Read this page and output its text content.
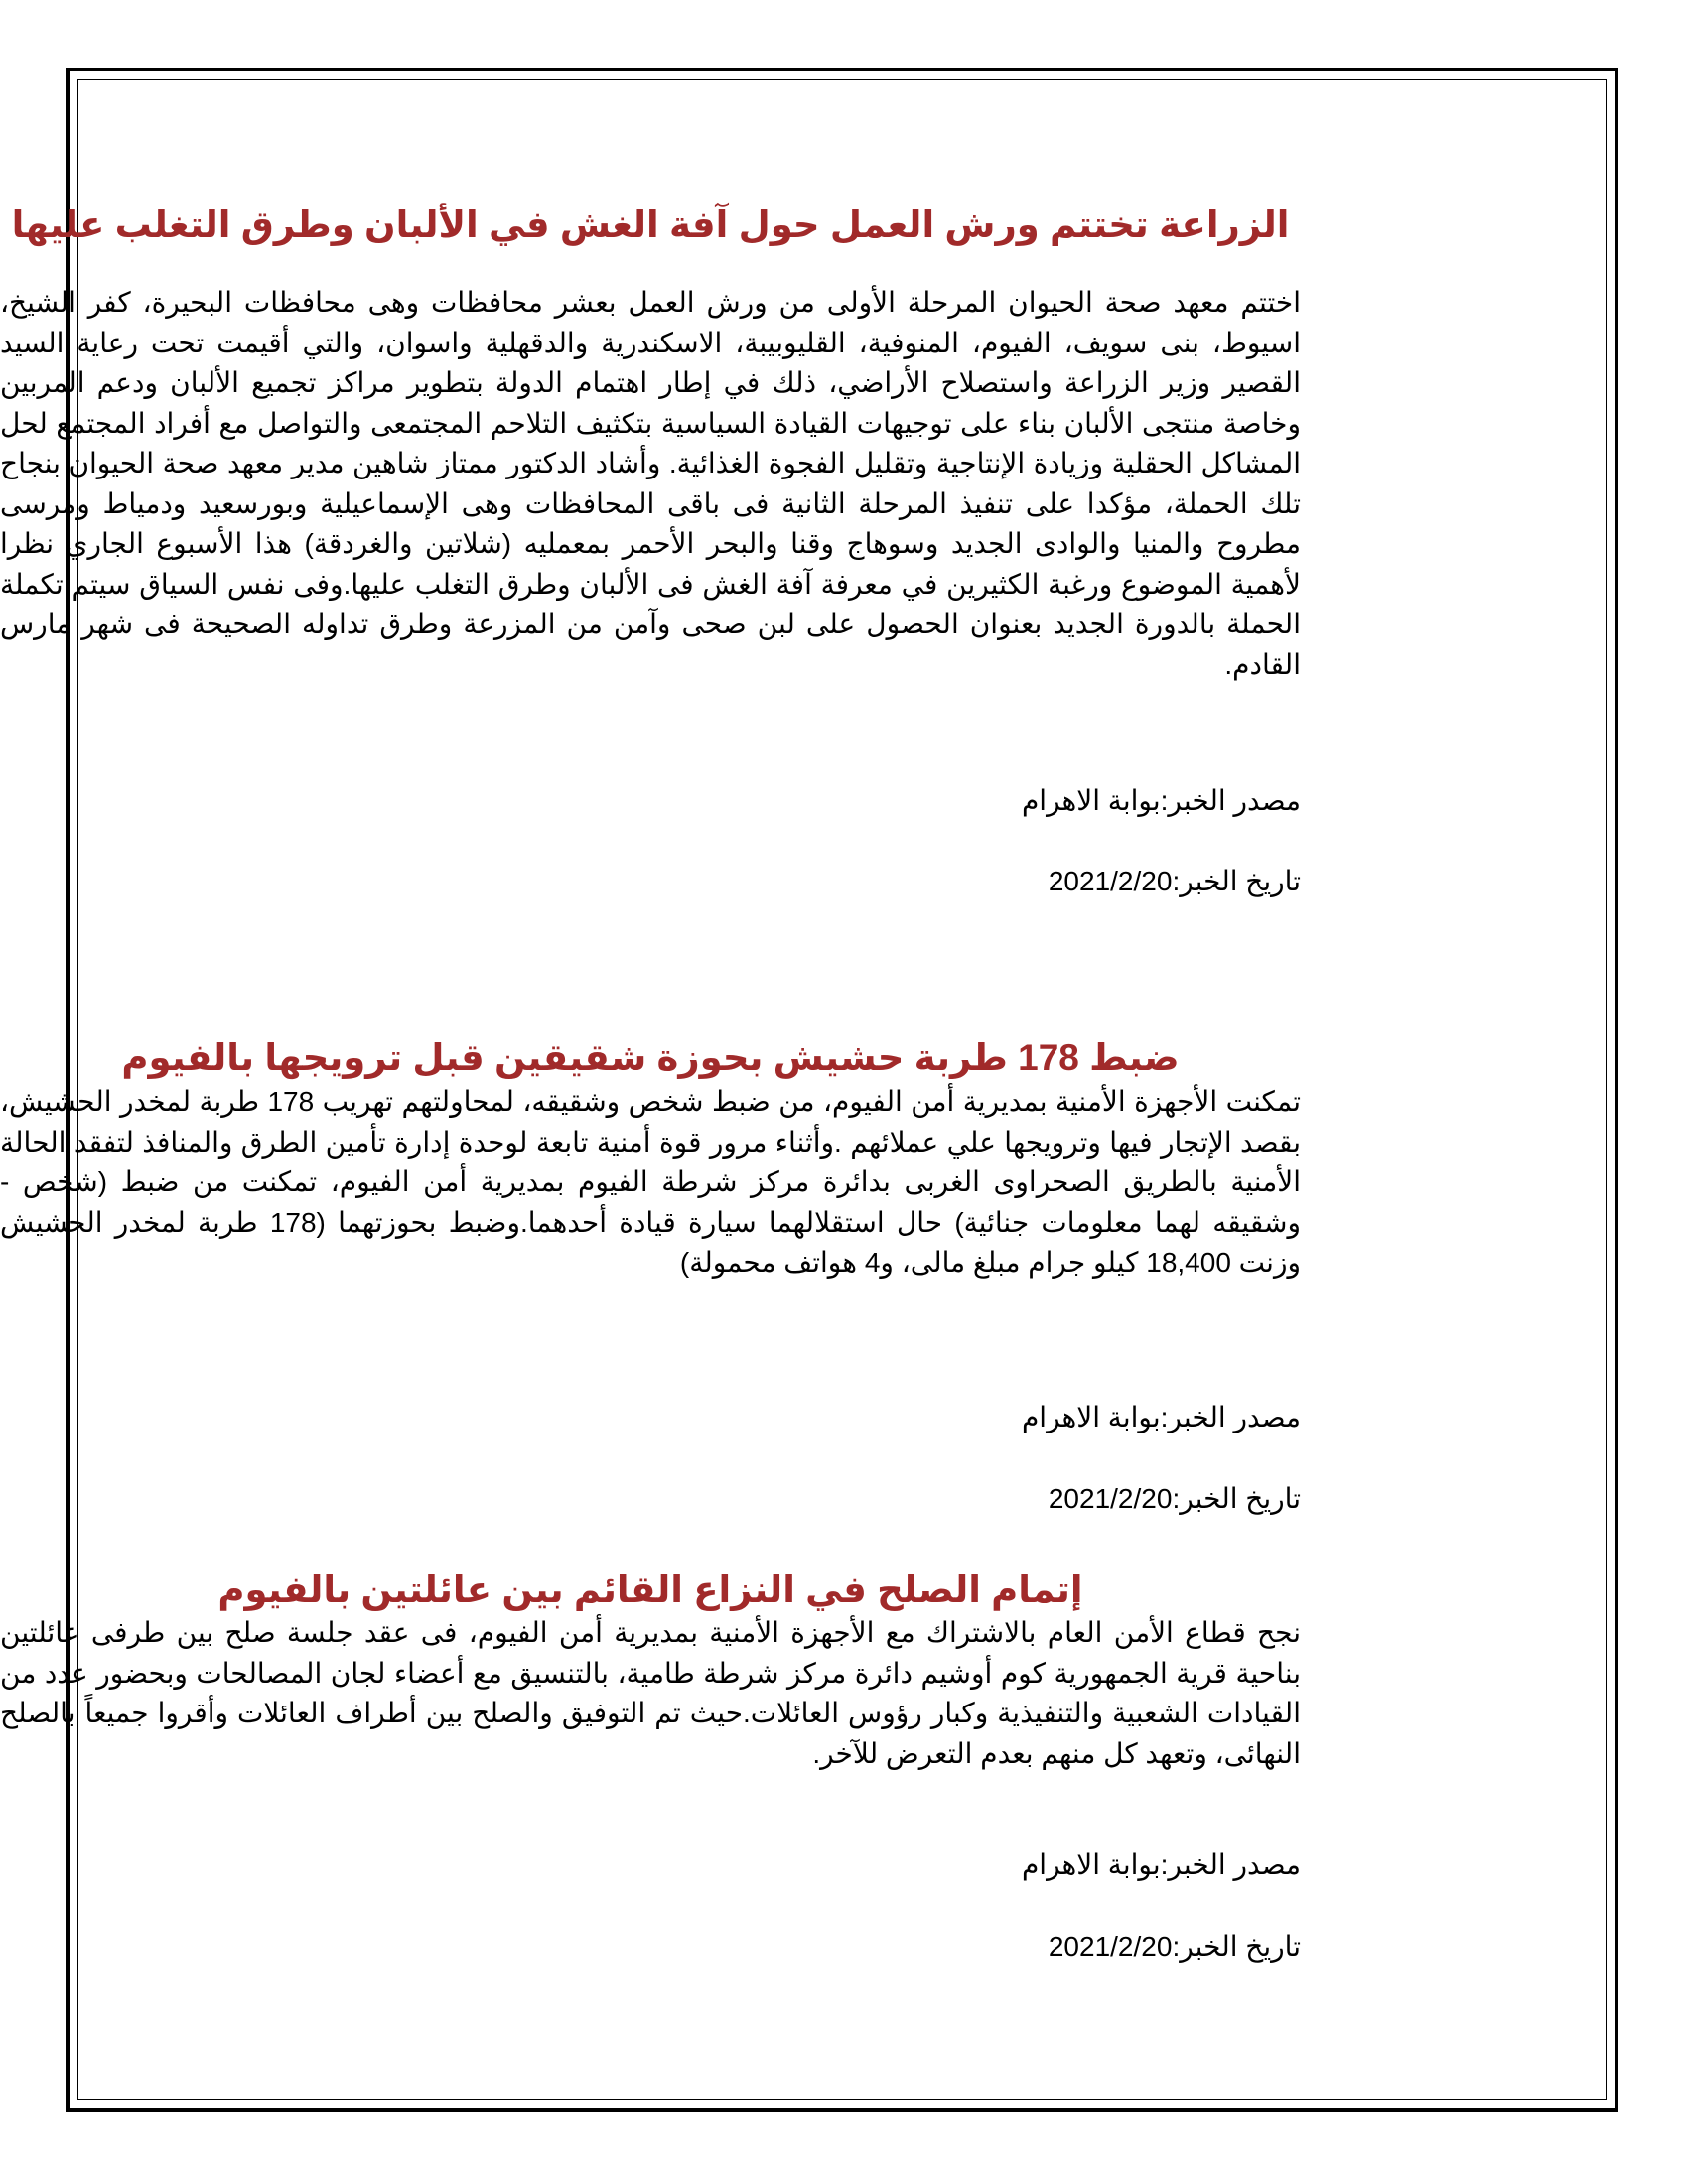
الزراعة تختتم ورش العمل حول آفة الغش في الألبان وطرق التغلب عليها

اختتم معهد صحة الحيوان المرحلة الأولى من ورش العمل بعشر محافظات وهى محافظات البحيرة، كفر الشيخ، اسيوط، بنى سويف، الفيوم، المنوفية، القليوبيبة، الاسكندرية والدقهلية واسوان، والتي أقيمت تحت رعاية السيد القصير وزير الزراعة واستصلاح الأراضي، ذلك في إطار اهتمام الدولة بتطوير مراكز تجميع الألبان ودعم المربين وخاصة منتجى الألبان بناء على توجيهات القيادة السياسية بتكثيف التلاحم المجتمعى والتواصل مع أفراد المجتمع لحل المشاكل الحقلية وزيادة الإنتاجية وتقليل الفجوة الغذائية. وأشاد الدكتور ممتاز شاهين مدير معهد صحة الحيوان بنجاح تلك الحملة، مؤكدا على تنفيذ المرحلة الثانية فى باقى المحافظات وهى الإسماعيلية وبورسعيد ودمياط ومرسى مطروح والمنيا والوادى الجديد وسوهاج وقنا والبحر الأحمر بمعمليه (شلاتين والغردقة) هذا الأسبوع الجاري نظرا لأهمية الموضوع ورغبة الكثيرين في معرفة آفة الغش فى الألبان وطرق التغلب عليها.وفى نفس السياق سيتم تكملة الحملة بالدورة الجديد بعنوان الحصول على لبن صحى وآمن من المزرعة وطرق تداوله الصحيحة فى شهر مارس القادم.

مصدر الخبر:بوابة الاهرام

تاريخ الخبر:2021/2/20

ضبط 178 طربة حشيش بحوزة شقيقين قبل ترويجها بالفيوم

تمكنت الأجهزة الأمنية بمديرية أمن الفيوم، من ضبط شخص وشقيقه، لمحاولتهم تهريب 178 طربة لمخدر الحشيش، بقصد الإتجار فيها وترويجها علي عملائهم .وأثناء مرور قوة أمنية تابعة لوحدة إدارة تأمين الطرق والمنافذ لتفقد الحالة الأمنية بالطريق الصحراوى الغربى بدائرة مركز شرطة الفيوم بمديرية أمن الفيوم، تمكنت من ضبط (شخص - وشقيقه لهما معلومات جنائية) حال استقلالهما سيارة قيادة أحدهما.وضبط بحوزتهما (178 طربة لمخدر الحشيش وزنت 18,400 كيلو جرام مبلغ مالى، و4 هواتف محمولة)

مصدر الخبر:بوابة الاهرام

تاريخ الخبر:2021/2/20

إتمام الصلح في النزاع القائم بين عائلتين بالفيوم

نجح قطاع الأمن العام بالاشتراك مع الأجهزة الأمنية بمديرية أمن الفيوم، فى عقد جلسة صلح بين طرفى عائلتين بناحية قرية الجمهورية كوم أوشيم دائرة مركز شرطة طامية، بالتنسيق مع أعضاء لجان المصالحات وبحضور عدد من القيادات الشعبية والتنفيذية وكبار رؤوس العائلات.حيث تم التوفيق والصلح بين أطراف العائلات وأقروا جميعاً بالصلح النهائى، وتعهد كل منهم بعدم التعرض للآخر.

مصدر الخبر:بوابة الاهرام

تاريخ الخبر:2021/2/20
